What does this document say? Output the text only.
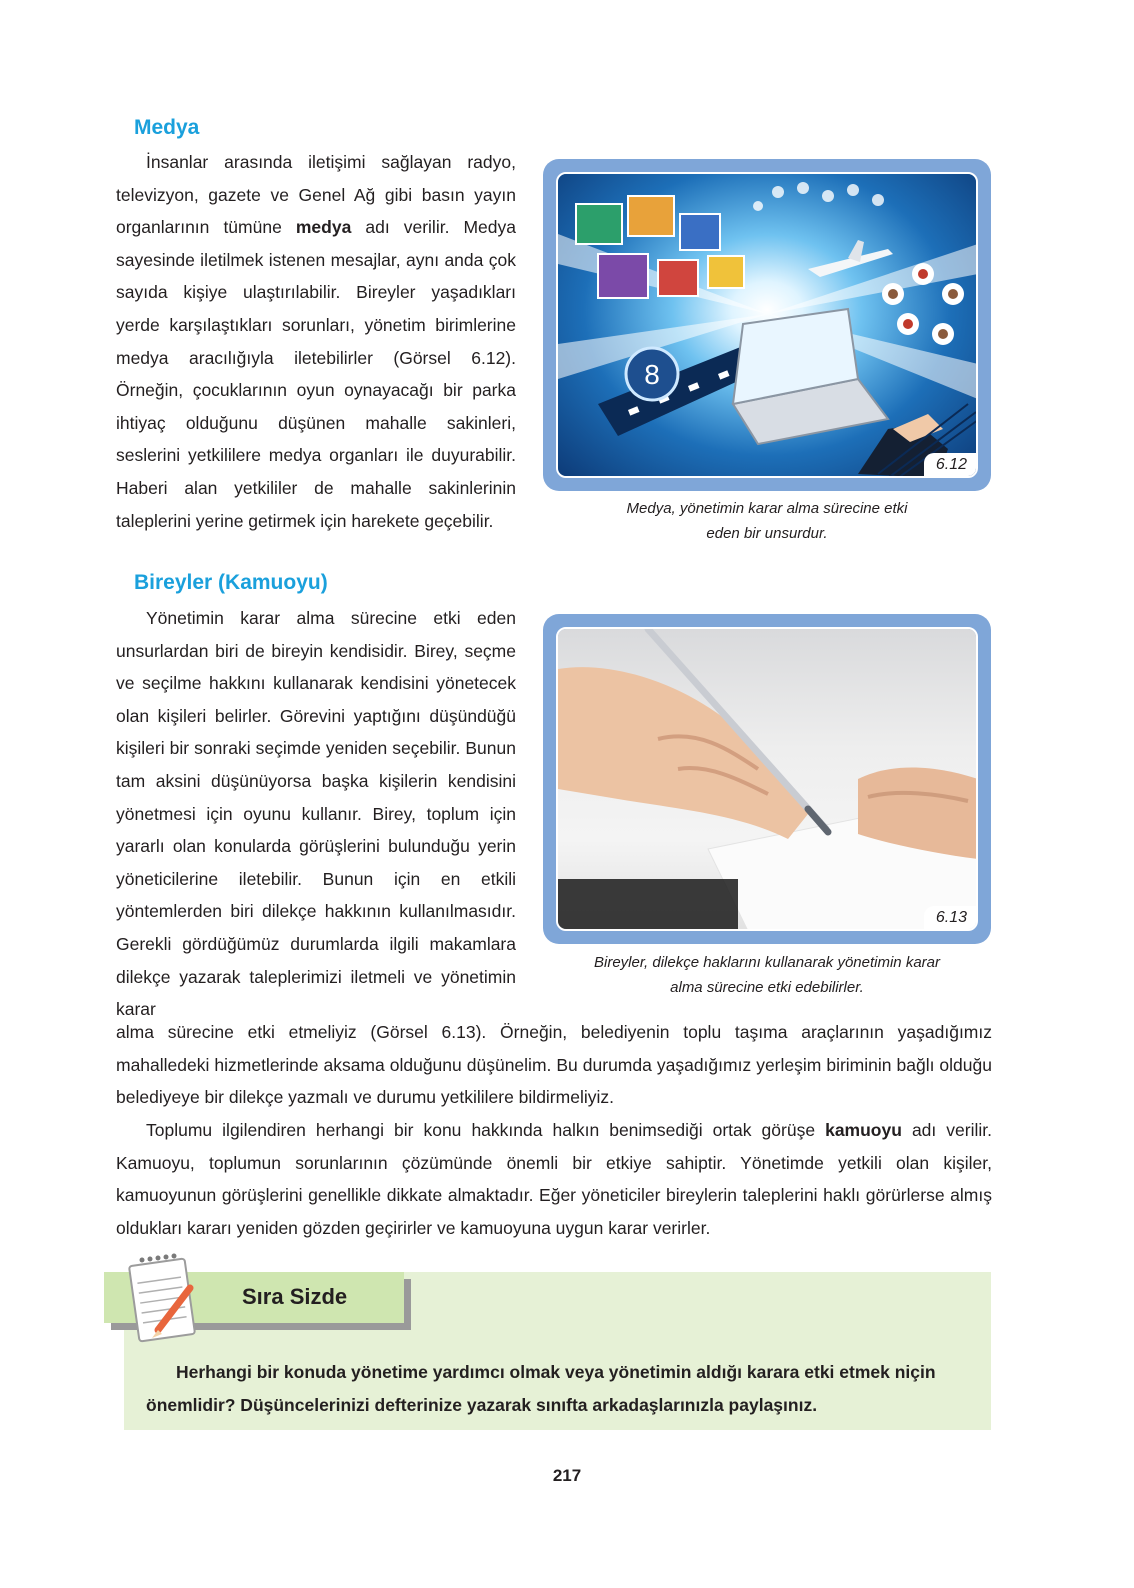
Medya

İnsanlar arasında iletişimi sağlayan radyo, televizyon, gazete ve Genel Ağ gibi basın yayın organlarının tümüne medya adı verilir. Medya sayesinde iletilmek istenen mesajlar, aynı anda çok sayıda kişiye ulaştırılabilir. Bireyler yaşadıkları yerde karşılaştıkları sorunları, yönetim birimlerine medya aracılığıyla iletebilirler (Görsel 6.12). Örneğin, çocuklarının oyun oynayacağı bir parka ihtiyaç olduğunu düşünen mahalle sakinleri, seslerini yetkililere medya organları ile duyurabilir. Haberi alan yetkililer de mahalle sakinlerinin taleplerini yerine getirmek için harekete geçebilir.

8
6.12
Medya, yönetimin karar alma sürecine etki
eden bir unsurdur.
Bireyler (Kamuoyu)

Yönetimin karar alma sürecine etki eden unsurlardan biri de bireyin kendisidir. Birey, seçme ve seçilme hakkını kullanarak kendisini yönetecek olan kişileri belirler. Görevini yaptığını düşündüğü kişileri bir sonraki seçimde yeniden seçebilir. Bunun tam aksini düşünüyorsa başka kişilerin kendisini yönetmesi için oyunu kullanır. Birey, toplum için yararlı olan konularda görüşlerini bulunduğu yerin yöneticilerine iletebilir. Bunun için en etkili yöntemlerden biri dilekçe hakkının kullanılmasıdır. Gerekli gördüğümüz durumlarda ilgili makamlara dilekçe yazarak taleplerimizi iletmeli ve yönetimin karar

6.13
Bireyler, dilekçe haklarını kullanarak yönetimin karar
alma sürecine etki edebilirler.

alma sürecine etki etmeliyiz (Görsel 6.13). Örneğin, belediyenin toplu taşıma araçlarının yaşadığımız mahalledeki hizmetlerinde aksama olduğunu düşünelim. Bu durumda yaşadığımız yerleşim biriminin bağlı olduğu belediyeye bir dilekçe yazmalı ve durumu yetkililere bildirmeliyiz.

Toplumu ilgilendiren herhangi bir konu hakkında halkın benimsediği ortak görüşe kamuoyu adı verilir. Kamuoyu, toplumun sorunlarının çözümünde önemli bir etkiye sahiptir. Yönetimde yetkili olan kişiler, kamuoyunun görüşlerini genellikle dikkate almaktadır. Eğer yöneticiler bireylerin taleplerini haklı görürlerse almış oldukları kararı yeniden gözden geçirirler ve kamuoyuna uygun karar verirler.

Sıra Sizde

Herhangi bir konuda yönetime yardımcı olmak veya yönetimin aldığı karara etki etmek niçin önemlidir? Düşüncelerinizi defterinize yazarak sınıfta arkadaşlarınızla paylaşınız.

217
